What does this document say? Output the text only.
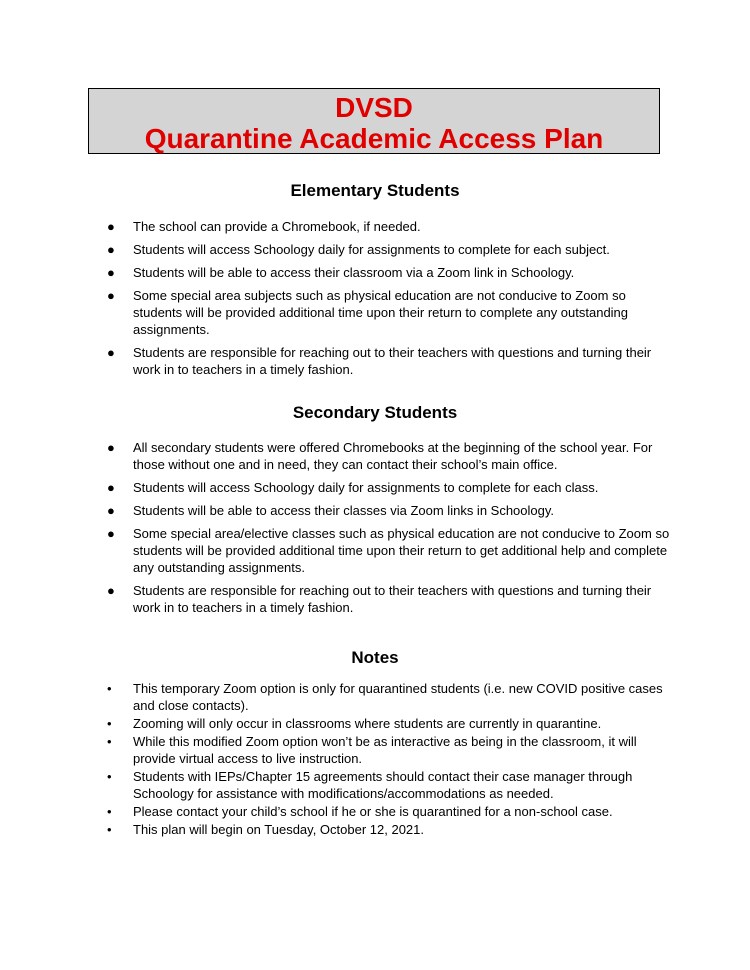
DVSD
Quarantine Academic Access Plan
Elementary Students
● The school can provide a Chromebook, if needed.
● Students will access Schoology daily for assignments to complete for each subject.
● Students will be able to access their classroom via a Zoom link in Schoology.
● Some special area subjects such as physical education are not conducive to Zoom so students will be provided additional time upon their return to complete any outstanding assignments.
● Students are responsible for reaching out to their teachers with questions and turning their work in to teachers in a timely fashion.
Secondary Students
● All secondary students were offered Chromebooks at the beginning of the school year. For those without one and in need, they can contact their school’s main office.
● Students will access Schoology daily for assignments to complete for each class.
● Students will be able to access their classes via Zoom links in Schoology.
● Some special area/elective classes such as physical education are not conducive to Zoom so students will be provided additional time upon their return to get additional help and complete any outstanding assignments.
● Students are responsible for reaching out to their teachers with questions and turning their work in to teachers in a timely fashion.
Notes
• This temporary Zoom option is only for quarantined students (i.e. new COVID positive cases and close contacts).
• Zooming will only occur in classrooms where students are currently in quarantine.
• While this modified Zoom option won’t be as interactive as being in the classroom, it will provide virtual access to live instruction.
• Students with IEPs/Chapter 15 agreements should contact their case manager through Schoology for assistance with modifications/accommodations as needed.
• Please contact your child’s school if he or she is quarantined for a non-school case.
• This plan will begin on Tuesday, October 12, 2021.
